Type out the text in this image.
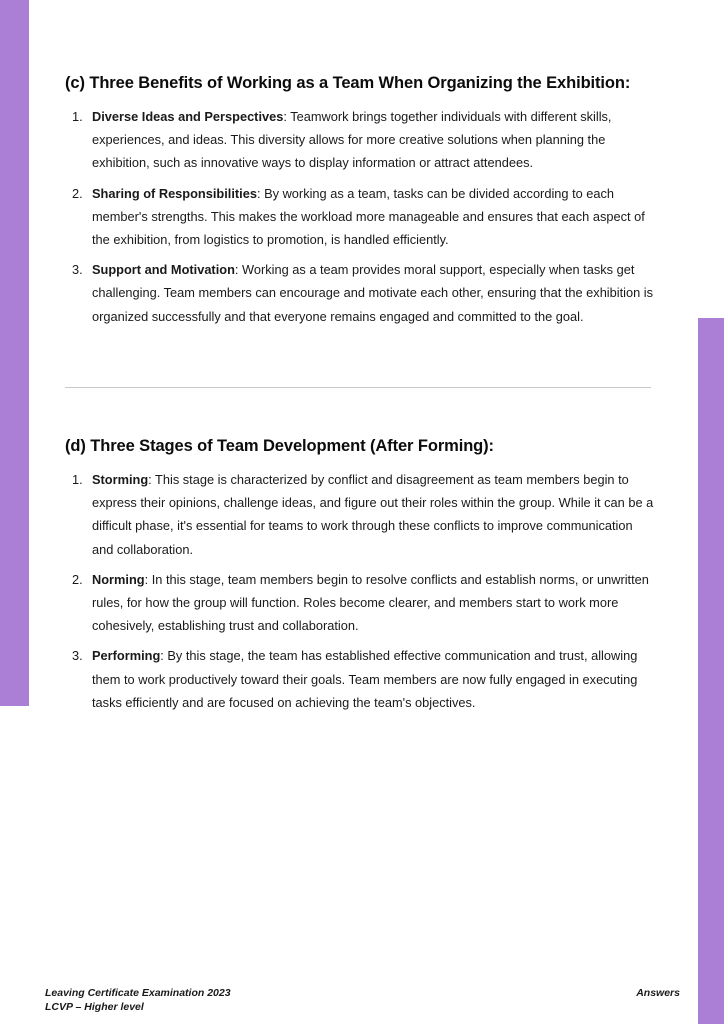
(c) Three Benefits of Working as a Team When Organizing the Exhibition:
1. Diverse Ideas and Perspectives: Teamwork brings together individuals with different skills, experiences, and ideas. This diversity allows for more creative solutions when planning the exhibition, such as innovative ways to display information or attract attendees.
2. Sharing of Responsibilities: By working as a team, tasks can be divided according to each member's strengths. This makes the workload more manageable and ensures that each aspect of the exhibition, from logistics to promotion, is handled efficiently.
3. Support and Motivation: Working as a team provides moral support, especially when tasks get challenging. Team members can encourage and motivate each other, ensuring that the exhibition is organized successfully and that everyone remains engaged and committed to the goal.
(d) Three Stages of Team Development (After Forming):
1. Storming: This stage is characterized by conflict and disagreement as team members begin to express their opinions, challenge ideas, and figure out their roles within the group. While it can be a difficult phase, it's essential for teams to work through these conflicts to improve communication and collaboration.
2. Norming: In this stage, team members begin to resolve conflicts and establish norms, or unwritten rules, for how the group will function. Roles become clearer, and members start to work more cohesively, establishing trust and collaboration.
3. Performing: By this stage, the team has established effective communication and trust, allowing them to work productively toward their goals. Team members are now fully engaged in executing tasks efficiently and are focused on achieving the team's objectives.
Leaving Certificate Examination 2023
LCVP – Higher level
Answers
